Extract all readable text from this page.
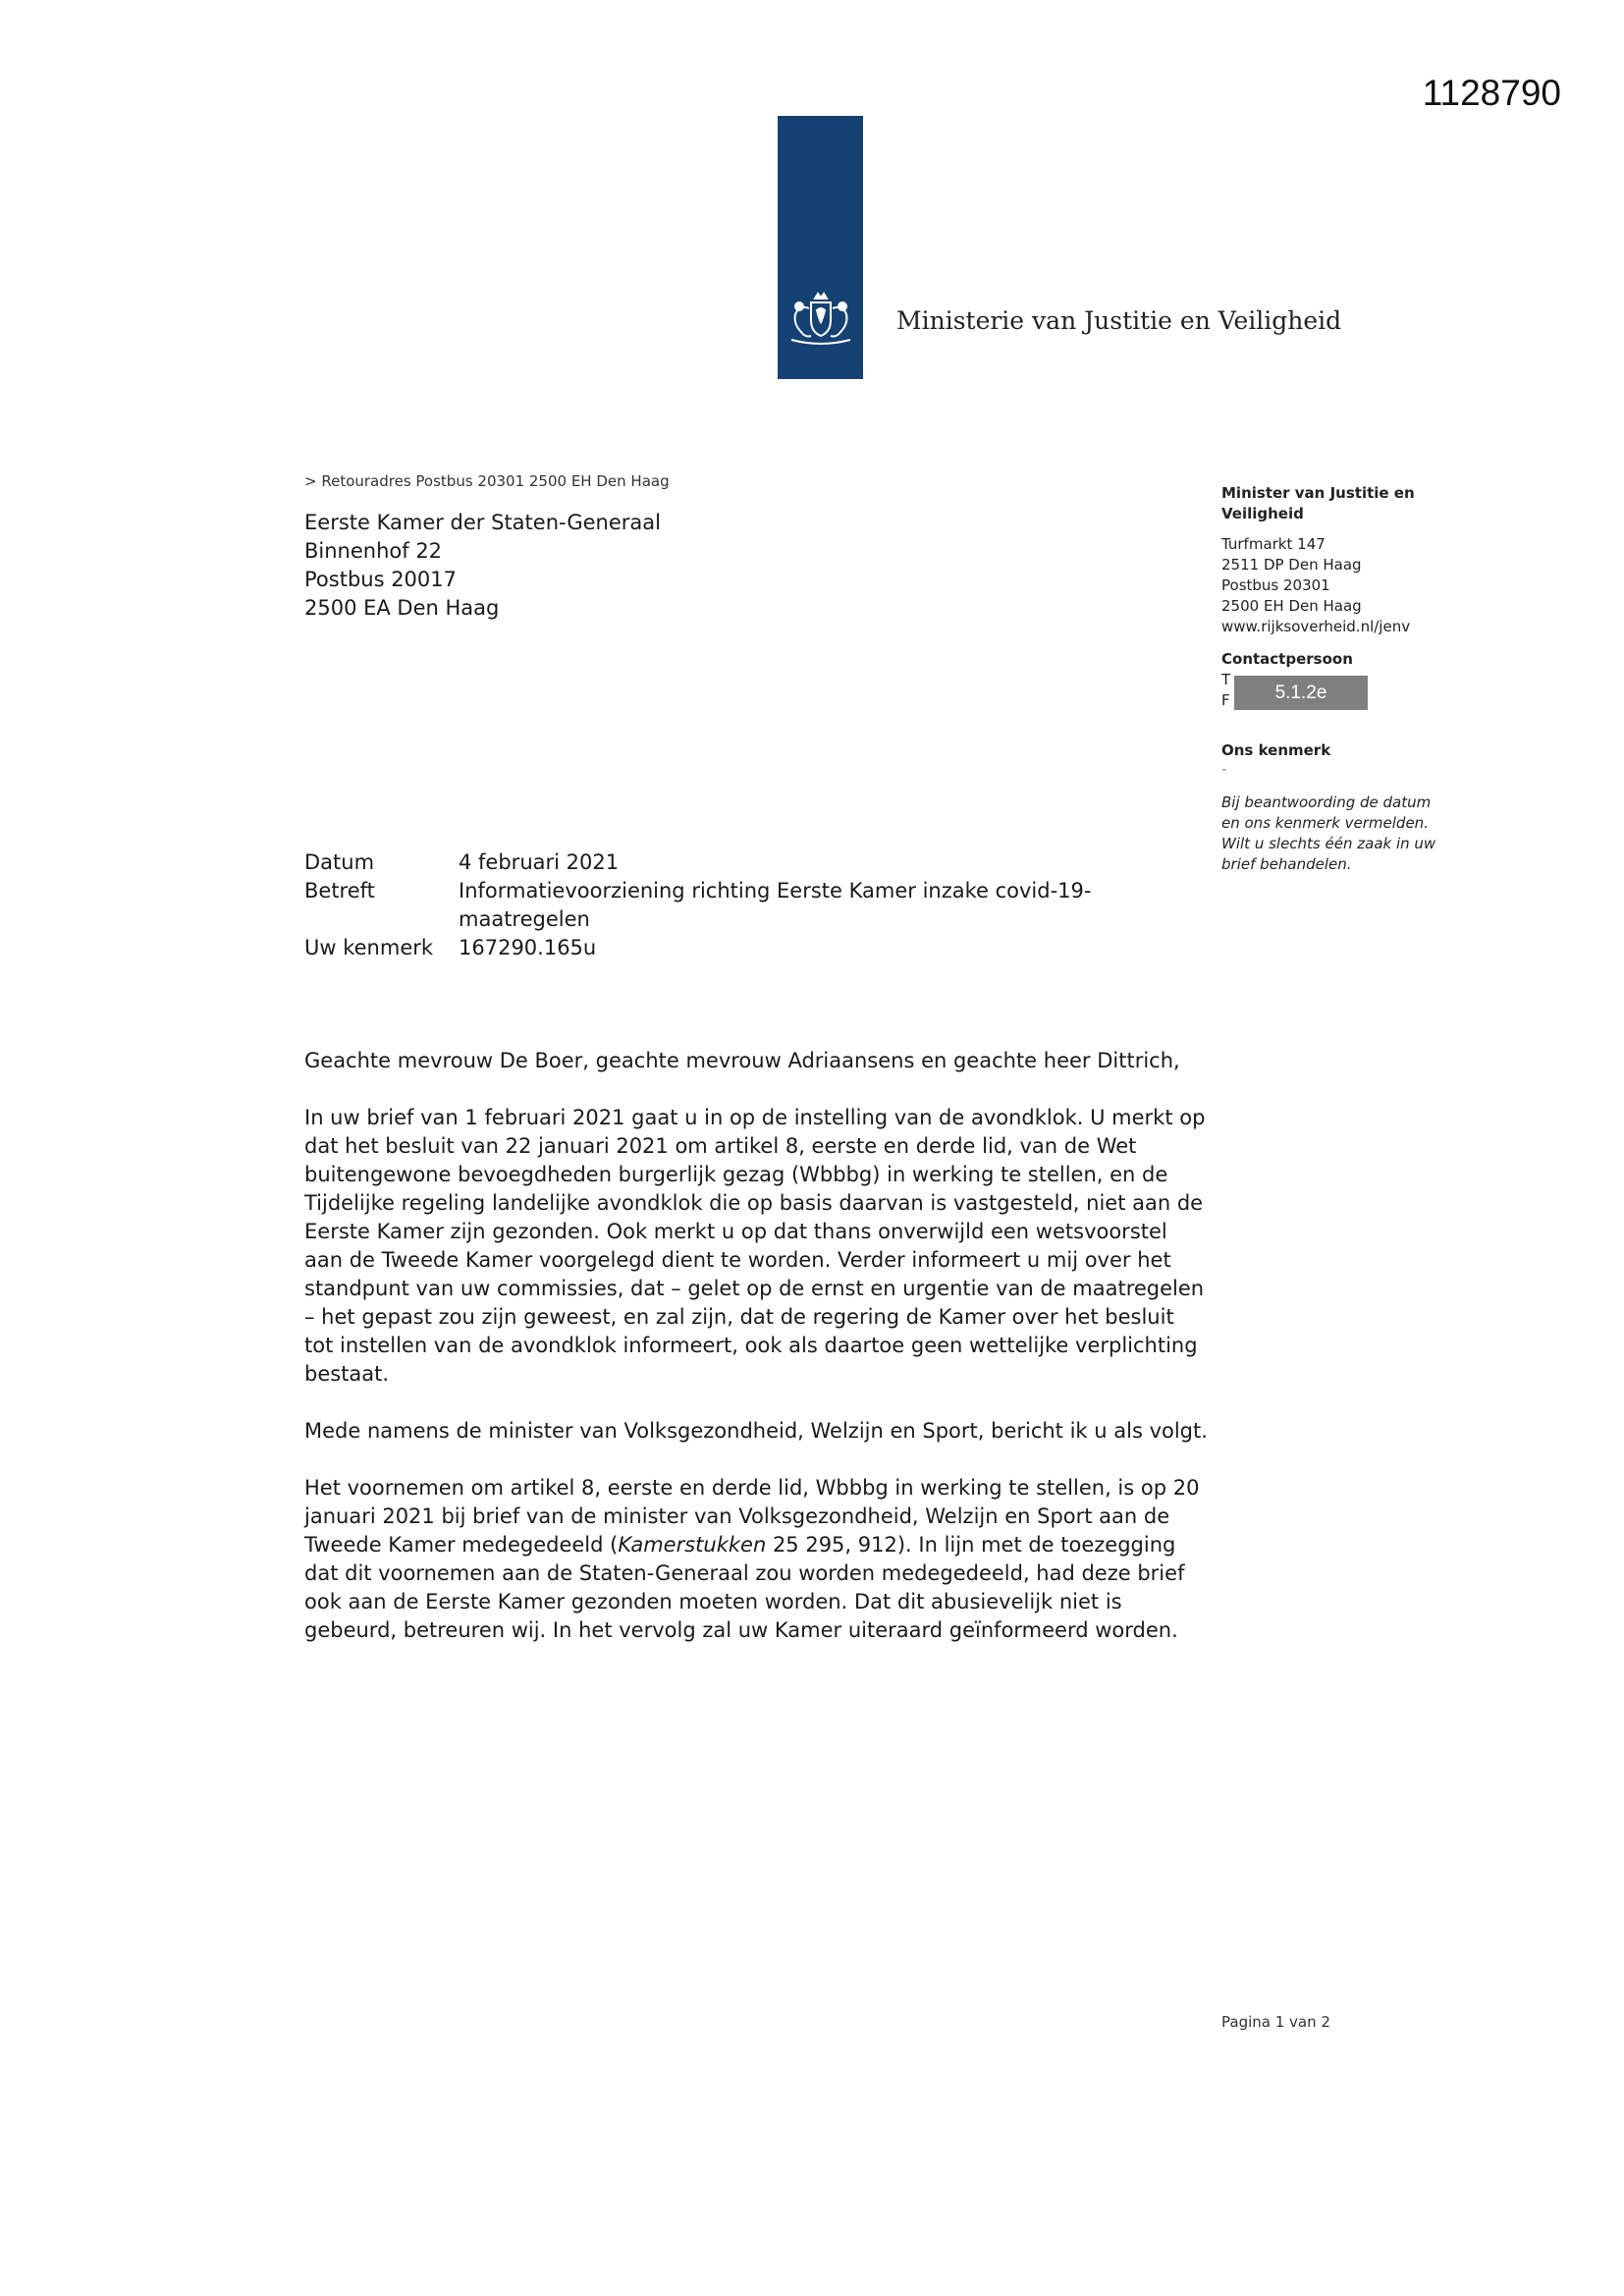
1128790
Ministerie van Justitie en Veiligheid
> Retouradres Postbus 20301 2500 EH Den Haag
Eerste Kamer der Staten-Generaal
Binnenhof 22
Postbus 20017
2500 EA Den Haag
Minister van Justitie en
Veiligheid
Turfmarkt 147
2511 DP Den Haag
Postbus 20301
2500 EH Den Haag
www.rijksoverheid.nl/jenv
Contactpersoon
T
F	5.1.2e
Ons kenmerk
-
Bij beantwoording de datum
en ons kenmerk vermelden.
Wilt u slechts één zaak in uw
brief behandelen.
Datum	4 februari 2021
Betreft	Informatievoorziening richting Eerste Kamer inzake covid-19-maatregelen
Uw kenmerk	167290.165u

Geachte mevrouw De Boer, geachte mevrouw Adriaansens en geachte heer Dittrich,

In uw brief van 1 februari 2021 gaat u in op de instelling van de avondklok. U merkt op dat het besluit van 22 januari 2021 om artikel 8, eerste en derde lid, van de Wet buitengewone bevoegdheden burgerlijk gezag (Wbbbg) in werking te stellen, en de Tijdelijke regeling landelijke avondklok die op basis daarvan is vastgesteld, niet aan de Eerste Kamer zijn gezonden. Ook merkt u op dat thans onverwijld een wetsvoorstel aan de Tweede Kamer voorgelegd dient te worden. Verder informeert u mij over het standpunt van uw commissies, dat – gelet op de ernst en urgentie van de maatregelen – het gepast zou zijn geweest, en zal zijn, dat de regering de Kamer over het besluit tot instellen van de avondklok informeert, ook als daartoe geen wettelijke verplichting bestaat.

Mede namens de minister van Volksgezondheid, Welzijn en Sport, bericht ik u als volgt.

Het voornemen om artikel 8, eerste en derde lid, Wbbbg in werking te stellen, is op 20 januari 2021 bij brief van de minister van Volksgezondheid, Welzijn en Sport aan de Tweede Kamer medegedeeld (Kamerstukken 25 295, 912). In lijn met de toezegging dat dit voornemen aan de Staten-Generaal zou worden medegedeeld, had deze brief ook aan de Eerste Kamer gezonden moeten worden. Dat dit abusievelijk niet is gebeurd, betreuren wij. In het vervolg zal uw Kamer uiteraard geïnformeerd worden.

Pagina 1 van 2
